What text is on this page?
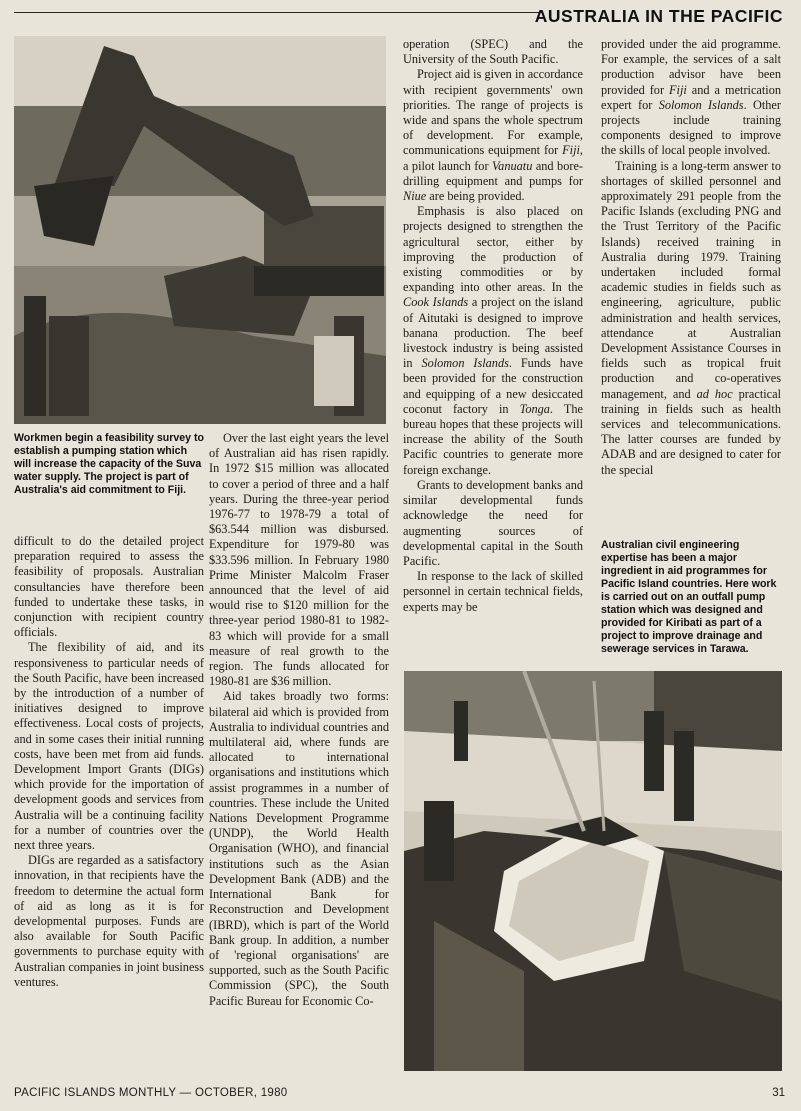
AUSTRALIA IN THE PACIFIC

Workmen begin a feasibility survey to establish a pumping station which will increase the capacity of the Suva water supply. The project is part of Australia's aid commitment to Fiji.

difficult to do the detailed project preparation required to assess the feasibility of proposals. Australian consultancies have therefore been funded to undertake these tasks, in conjunction with recipient country officials.

The flexibility of aid, and its responsiveness to particular needs of the South Pacific, have been increased by the introduction of a number of initiatives designed to improve effectiveness. Local costs of projects, and in some cases their initial running costs, have been met from aid funds. Development Import Grants (DIGs) which provide for the importation of development goods and services from Australia will be a continuing facility for a number of countries over the next three years.

DIGs are regarded as a satisfactory innovation, in that recipients have the freedom to determine the actual form of aid as long as it is for developmental purposes. Funds are also available for South Pacific governments to purchase equity with Australian companies in joint business ventures.

Over the last eight years the level of Australian aid has risen rapidly. In 1972 $15 million was allocated to cover a period of three and a half years. During the three-year period 1976-77 to 1978-79 a total of $63.544 million was disbursed. Expenditure for 1979-80 was $33.596 million. In February 1980 Prime Minister Malcolm Fraser announced that the level of aid would rise to $120 million for the three-year period 1980-81 to 1982-83 which will provide for a small measure of real growth to the region. The funds allocated for 1980-81 are $36 million.

Aid takes broadly two forms: bilateral aid which is provided from Australia to individual countries and multilateral aid, where funds are allocated to international organisations and institutions which assist programmes in a number of countries. These include the United Nations Development Programme (UNDP), the World Health Organisation (WHO), and financial institutions such as the Asian Development Bank (ADB) and the International Bank for Reconstruction and Development (IBRD), which is part of the World Bank group. In addition, a number of 'regional organisations' are supported, such as the South Pacific Commission (SPC), the South Pacific Bureau for Economic Co-

operation (SPEC) and the University of the South Pacific.

Project aid is given in accordance with recipient governments' own priorities. The range of projects is wide and spans the whole spectrum of development. For example, communications equipment for Fiji, a pilot launch for Vanuatu and bore-drilling equipment and pumps for Niue are being provided.

Emphasis is also placed on projects designed to strengthen the agricultural sector, either by improving the production of existing commodities or by expanding into other areas. In the Cook Islands a project on the island of Aitutaki is designed to improve banana production. The beef livestock industry is being assisted in Solomon Islands. Funds have been provided for the construction and equipping of a new desiccated coconut factory in Tonga. The bureau hopes that these projects will increase the ability of the South Pacific countries to generate more foreign exchange.

Grants to development banks and similar developmental funds acknowledge the need for augmenting sources of developmental capital in the South Pacific.

In response to the lack of skilled personnel in certain technical fields, experts may be

provided under the aid programme. For example, the services of a salt production advisor have been provided for Fiji and a metrication expert for Solomon Islands. Other projects include training components designed to improve the skills of local people involved.

Training is a long-term answer to shortages of skilled personnel and approximately 291 people from the Pacific Islands (excluding PNG and the Trust Territory of the Pacific Islands) received training in Australia during 1979. Training undertaken included formal academic studies in fields such as engineering, agriculture, public administration and health services, attendance at Australian Development Assistance Courses in fields such as tropical fruit production and co-operatives management, and ad hoc practical training in fields such as health services and telecommunications. The latter courses are funded by ADAB and are designed to cater for the special

Australian civil engineering expertise has been a major ingredient in aid programmes for Pacific Island countries. Here work is carried out on an outfall pump station which was designed and provided for Kiribati as part of a project to improve drainage and sewerage services in Tarawa.

PACIFIC ISLANDS MONTHLY — OCTOBER, 1980	31
